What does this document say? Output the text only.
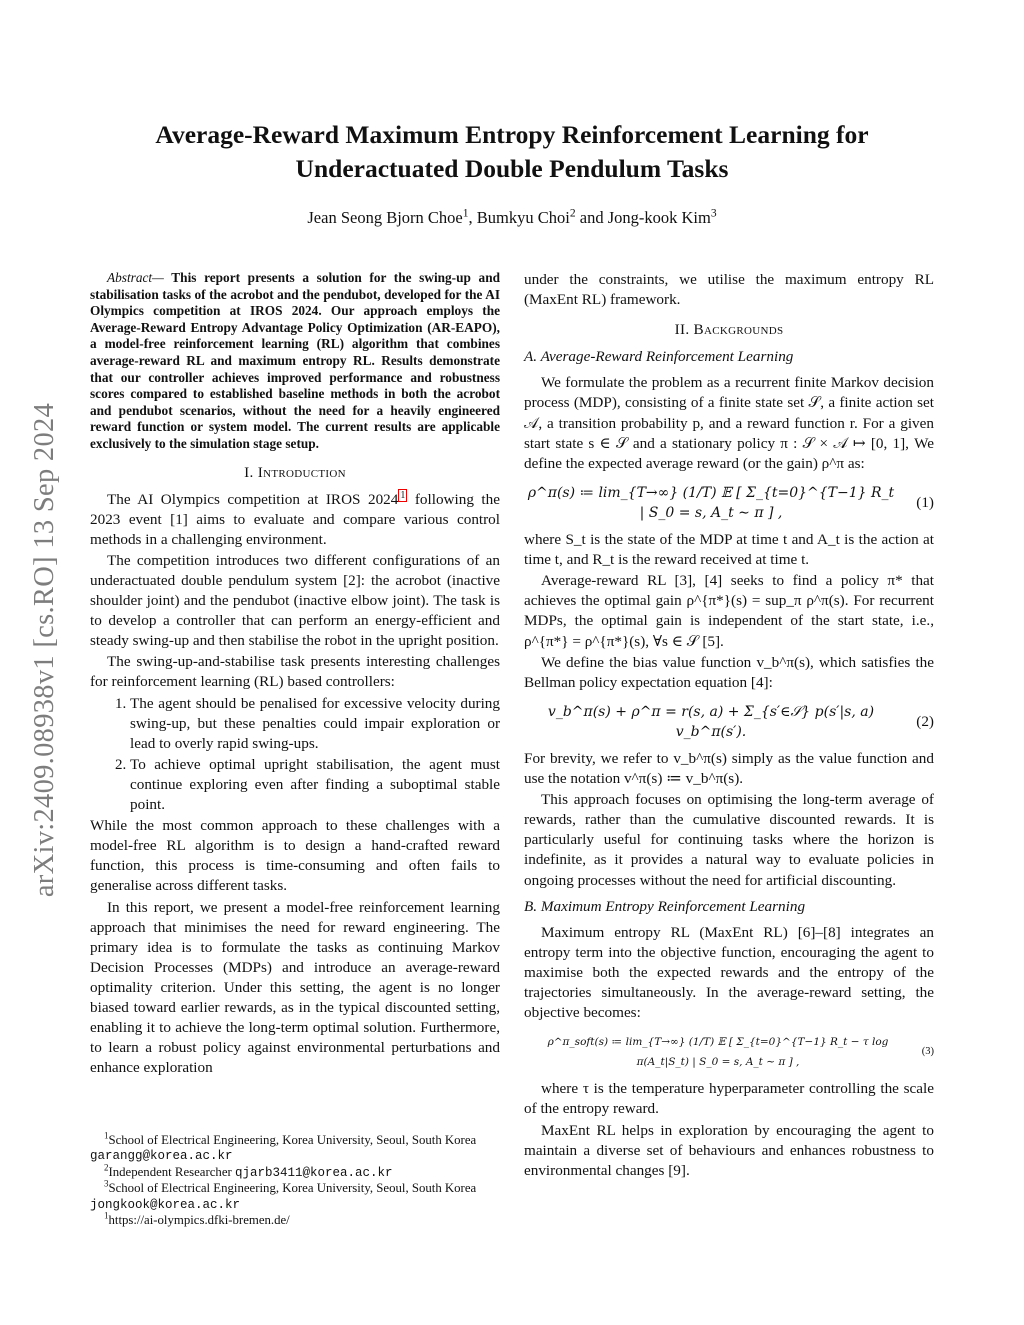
arXiv:2409.08938v1 [cs.RO] 13 Sep 2024
Average-Reward Maximum Entropy Reinforcement Learning for Underactuated Double Pendulum Tasks

Jean Seong Bjorn Choe$^1$, Bumkyu Choi$^2$ and Jong-kook Kim$^3$

Abstract— This report presents a solution for the swing-up and stabilisation tasks of the acrobot and the pendubot, developed for the AI Olympics competition at IROS 2024. Our approach employs the Average-Reward Entropy Advantage Policy Optimization (AR-EAPO), a model-free reinforcement learning (RL) algorithm that combines average-reward RL and maximum entropy RL. Results demonstrate that our controller achieves improved performance and robustness scores compared to established baseline methods in both the acrobot and pendubot scenarios, without the need for a heavily engineered reward function or system model. The current results are applicable exclusively to the simulation stage setup.

I. Introduction

The AI Olympics competition at IROS 2024 $^1$ following the 2023 event [1] aims to evaluate and compare various control methods in a challenging environment.

The competition introduces two different configurations of an underactuated double pendulum system [2]: the acrobot (inactive shoulder joint) and the pendubot (inactive elbow joint). The task is to develop a controller that can perform an energy-efficient and steady swing-up and then stabilise the robot in the upright position.

The swing-up-and-stabilise task presents interesting challenges for reinforcement learning (RL) based controllers:

1. The agent should be penalised for excessive velocity during swing-up, but these penalties could impair exploration or lead to overly rapid swing-ups.
2. To achieve optimal upright stabilisation, the agent must continue exploring even after finding a suboptimal stable point.

While the most common approach to these challenges with a model-free RL algorithm is to design a hand-crafted reward function, this process is time-consuming and often fails to generalise across different tasks.

In this report, we present a model-free reinforcement learning approach that minimises the need for reward engineering. The primary idea is to formulate the tasks as continuing Markov Decision Processes (MDPs) and introduce an average-reward optimality criterion. Under this setting, the agent is no longer biased toward earlier rewards, as in the typical discounted setting, enabling it to achieve the long-term optimal solution. Furthermore, to learn a robust policy against environmental perturbations and enhance exploration

$^1$School of Electrical Engineering, Korea University, Seoul, South Korea
garangg@korea.ac.kr

$^2$Independent Researcher qjarb3411@korea.ac.kr

$^3$School of Electrical Engineering, Korea University, Seoul, South Korea
jongkook@korea.ac.kr

$^1$https://ai-olympics.dfki-bremen.de/

under the constraints, we utilise the maximum entropy RL (MaxEnt RL) framework.

II. Backgrounds
A. Average-Reward Reinforcement Learning

We formulate the problem as a recurrent finite Markov decision process (MDP), consisting of a finite state set 𝒮, a finite action set 𝒜, a transition probability p, and a reward function r. For a given start state s ∈ 𝒮 and a stationary policy π : 𝒮 × 𝒜 ↦ [0, 1], We define the expected average reward (or the gain) ρ^π as:

ρ^π(s) ≔ lim_{T→∞} (1/T) 𝔼 [ Σ_{t=0}^{T−1} R_t | S_0 = s, A_t ∼ π ] ,
(1)

where S_t is the state of the MDP at time t and A_t is the action at time t, and R_t is the reward received at time t.

Average-reward RL [3], [4] seeks to find a policy π* that achieves the optimal gain ρ^{π*}(s) = sup_π ρ^π(s). For recurrent MDPs, the optimal gain is independent of the start state, i.e., ρ^{π*} = ρ^{π*}(s), ∀s ∈ 𝒮 [5].

We define the bias value function v_b^π(s), which satisfies the Bellman policy expectation equation [4]:

v_b^π(s) + ρ^π = r(s, a) + Σ_{s′∈𝒮} p(s′|s, a) v_b^π(s′).
(2)

For brevity, we refer to v_b^π(s) simply as the value function and use the notation v^π(s) ≔ v_b^π(s).

This approach focuses on optimising the long-term average of rewards, rather than the cumulative discounted rewards. It is particularly useful for continuing tasks where the horizon is indefinite, as it provides a natural way to evaluate policies in ongoing processes without the need for artificial discounting.

B. Maximum Entropy Reinforcement Learning

Maximum entropy RL (MaxEnt RL) [6]–[8] integrates an entropy term into the objective function, encouraging the agent to maximise both the expected rewards and the entropy of the trajectories simultaneously. In the average-reward setting, the objective becomes:

ρ^π_soft(s) ≔ lim_{T→∞} (1/T) 𝔼 [ Σ_{t=0}^{T−1} R_t − τ log π(A_t|S_t) | S_0 = s, A_t ∼ π ] ,
(3)

where τ is the temperature hyperparameter controlling the scale of the entropy reward.

MaxEnt RL helps in exploration by encouraging the agent to maintain a diverse set of behaviours and enhances robustness to environmental changes [9].
